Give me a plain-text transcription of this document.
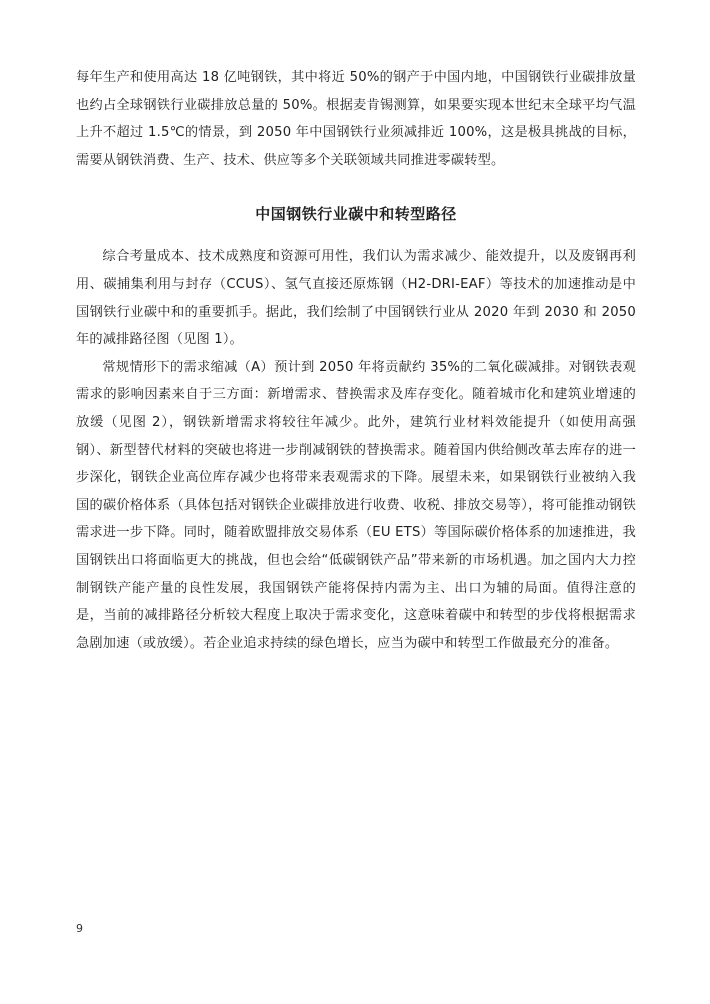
每年生产和使用高达 18 亿吨钢铁，其中将近 50%的钢产于中国内地，中国钢铁行业碳排放量也约占全球钢铁行业碳排放总量的 50%。根据麦肯锡测算，如果要实现本世纪末全球平均气温上升不超过 1.5℃的情景，到 2050 年中国钢铁行业须减排近 100%，这是极具挑战的目标，需要从钢铁消费、生产、技术、供应等多个关联领域共同推进零碳转型。

中国钢铁行业碳中和转型路径

综合考量成本、技术成熟度和资源可用性，我们认为需求减少、能效提升，以及废钢再利用、碳捕集利用与封存（CCUS）、氢气直接还原炼钢（H2-DRI-EAF）等技术的加速推动是中国钢铁行业碳中和的重要抓手。据此，我们绘制了中国钢铁行业从 2020 年到 2030 和 2050 年的减排路径图（见图 1）。

常规情形下的需求缩减（A）预计到 2050 年将贡献约 35%的二氧化碳减排。对钢铁表观需求的影响因素来自于三方面：新增需求、替换需求及库存变化。随着城市化和建筑业增速的放缓（见图 2），钢铁新增需求将较往年减少。此外，建筑行业材料效能提升（如使用高强钢）、新型替代材料的突破也将进一步削减钢铁的替换需求。随着国内供给侧改革去库存的进一步深化，钢铁企业高位库存减少也将带来表观需求的下降。展望未来，如果钢铁行业被纳入我国的碳价格体系（具体包括对钢铁企业碳排放进行收费、收税、排放交易等），将可能推动钢铁需求进一步下降。同时，随着欧盟排放交易体系（EU ETS）等国际碳价格体系的加速推进，我国钢铁出口将面临更大的挑战，但也会给“低碳钢铁产品”带来新的市场机遇。加之国内大力控制钢铁产能产量的良性发展，我国钢铁产能将保持内需为主、出口为辅的局面。值得注意的是，当前的减排路径分析较大程度上取决于需求变化，这意味着碳中和转型的步伐将根据需求急剧加速（或放缓）。若企业追求持续的绿色增长，应当为碳中和转型工作做最充分的准备。

9
